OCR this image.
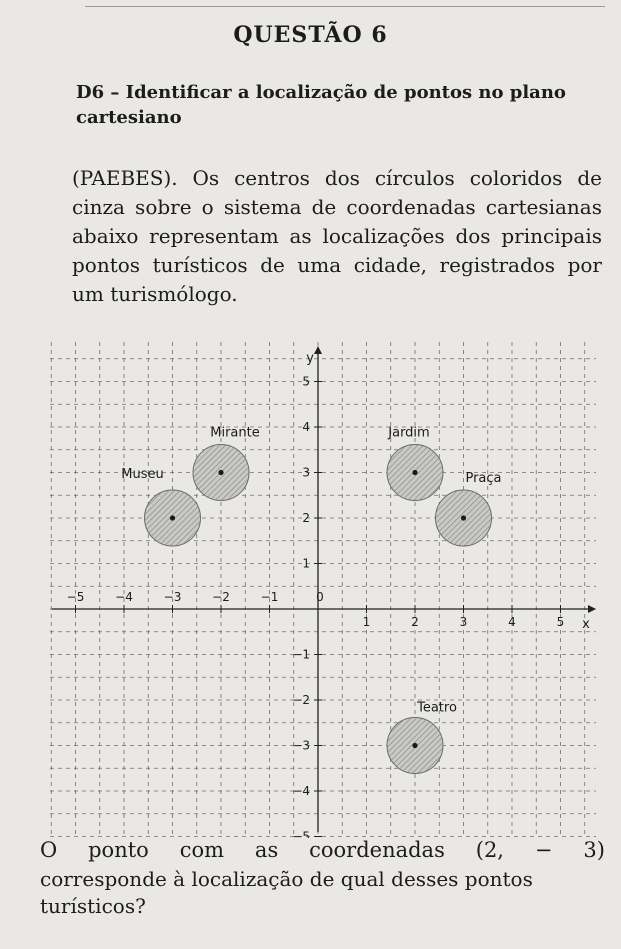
QUESTÃO 6
D6 – Identificar a localização de pontos no plano cartesiano
(PAEBES). Os centros dos círculos coloridos de cinza sobre o sistema de coordenadas cartesianas abaixo representam as localizações dos principais pontos turísticos de uma cidade, registrados por um turismólogo.
x
y
−5	−4	−3	−2	−1	0
1	2	3	4	5
5
4
3
2
1
−1
−2
−3
−4
−5
Museu
Mirante	Jardim
Praça
Teatro
O ponto com as coordenadas (2, − 3)
corresponde à localização de qual desses pontos turísticos?
